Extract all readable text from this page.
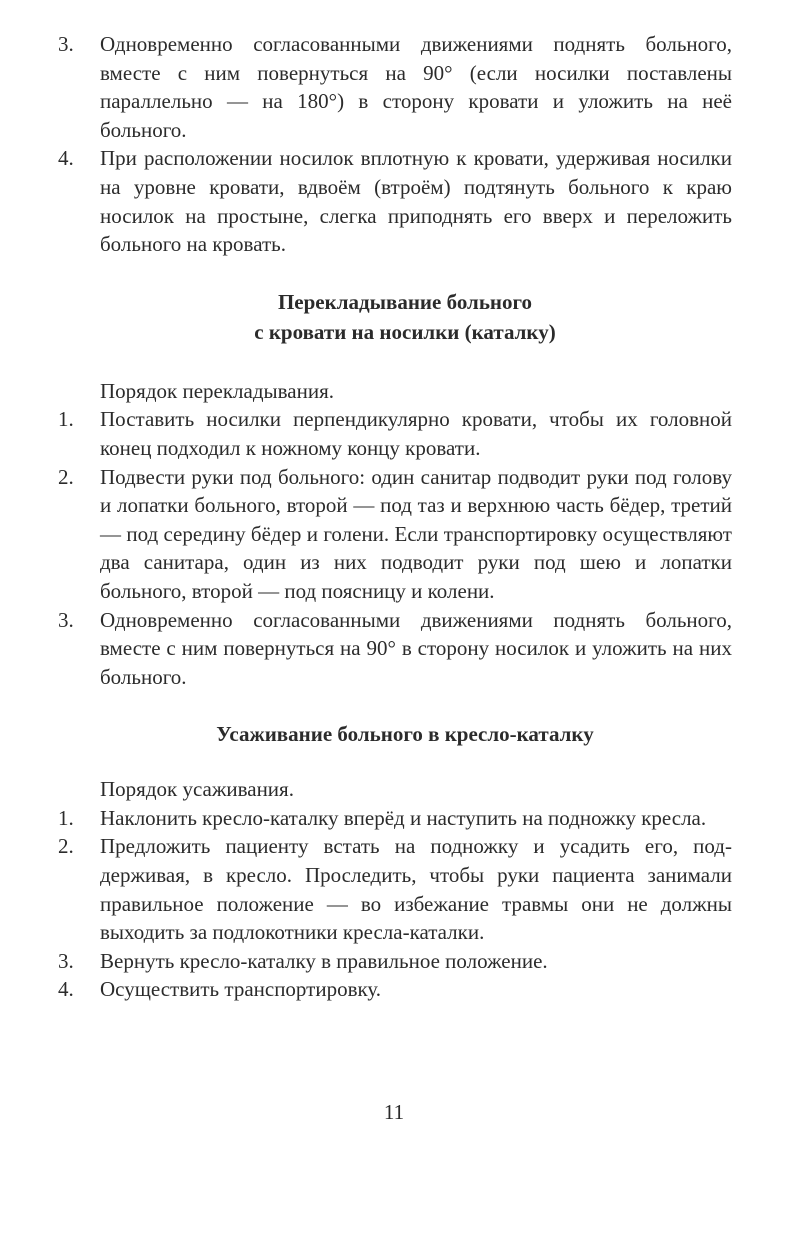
3. Одновременно согласованными движениями поднять больного, вместе с ним повернуться на 90° (если носилки поставлены параллельно — на 180°) в сторону кровати и уложить на неё больного.
4. При расположении носилок вплотную к кровати, удерживая носилки на уровне кровати, вдвоём (втроём) подтянуть больного к краю носилок на простыне, слегка приподнять его вверх и переложить больного на кровать.
Перекладывание больного
с кровати на носилки (каталку)
Порядок перекладывания.
1. Поставить носилки перпендикулярно кровати, чтобы их головной конец подходил к ножному концу кровати.
2. Подвести руки под больного: один санитар подводит руки под голову и лопатки больного, второй — под таз и верхнюю часть бёдер, третий — под середину бёдер и голени. Если транспортировку осуществляют два санитара, один из них подводит руки под шею и лопатки больного, второй — под поясницу и колени.
3. Одновременно согласованными движениями поднять больного, вместе с ним повернуться на 90° в сторону носилок и уложить на них больного.
Усаживание больного в кресло-каталку
Порядок усаживания.
1. Наклонить кресло-каталку вперёд и наступить на подножку кресла.
2. Предложить пациенту встать на подножку и усадить его, поддерживая, в кресло. Проследить, чтобы руки пациента занимали правильное положение — во избежание травмы они не должны выходить за подлокотники кресла-каталки.
3. Вернуть кресло-каталку в правильное положение.
4. Осуществить транспортировку.
11
